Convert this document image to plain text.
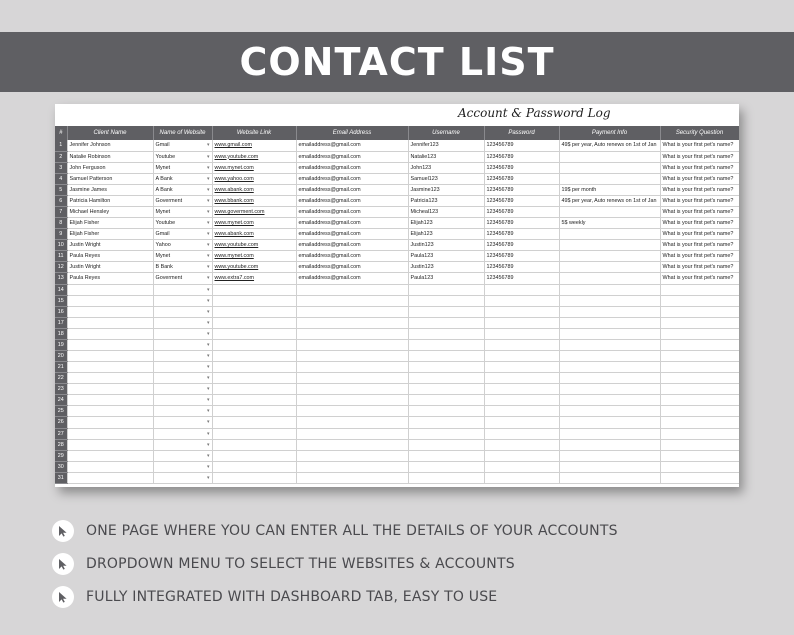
CONTACT LIST
Account & Password Log
#	Client Name	Name of Website	Website Link	Email Address	Username	Password	Payment Info	Security Question
1	Jennifer Johnson	Gmail ▾	www.gmail.com	emailaddress@gmail.com	Jennifer123	123456789	49$ per year, Auto renews on 1st of Jan	What is your first pet's name?
2	Natalie Robinson	Youtube ▾	www.youtube.com	emailaddress@gmail.com	Natalie123	123456789		What is your first pet's name?
3	John Ferguson	Mynet ▾	www.mynet.com	emailaddress@gmail.com	John123	123456789		What is your first pet's name?
4	Samuel Patterson	A Bank ▾	www.yahoo.com	emailaddress@gmail.com	Samuel123	123456789		What is your first pet's name?
5	Jasmine James	A Bank ▾	www.abank.com	emailaddress@gmail.com	Jasmine123	123456789	19$ per month	What is your first pet's name?
6	Patricia Hamilton	Goverment ▾	www.bbank.com	emailaddress@gmail.com	Patricia123	123456789	49$ per year, Auto renews on 1st of Jan	What is your first pet's name?
7	Michael Hensley	Mynet ▾	www.goverment.com	emailaddress@gmail.com	Micheal123	123456789		What is your first pet's name?
8	Elijah Fisher	Youtube ▾	www.mynet.com	emailaddress@gmail.com	Elijah123	123456789	5$ weekly	What is your first pet's name?
9	Elijah Fisher	Gmail ▾	www.abank.com	emailaddress@gmail.com	Elijah123	123456789		What is your first pet's name?
10	Justin Wright	Yahoo ▾	www.youtube.com	emailaddress@gmail.com	Justin123	123456789		What is your first pet's name?
11	Paula Reyes	Mynet ▾	www.mynet.com	emailaddress@gmail.com	Paula123	123456789		What is your first pet's name?
12	Justin Wright	B Bank ▾	www.youtube.com	emailaddress@gmail.com	Justin123	123456789		What is your first pet's name?
13	Paula Reyes	Goverment ▾	www.extra7.com	emailaddress@gmail.com	Paula123	123456789		What is your first pet's name?
14		▾						

15		▾						

16		▾						

17		▾						

18		▾						

19		▾						

20		▾						

21		▾						

22		▾						

23		▾						

24		▾						

25		▾						

26		▾						

27		▾						

28		▾						

29		▾						

30		▾						

31		▾						

ONE PAGE WHERE YOU CAN ENTER ALL THE DETAILS OF YOUR ACCOUNTS
DROPDOWN MENU TO SELECT THE WEBSITES & ACCOUNTS
FULLY INTEGRATED WITH DASHBOARD TAB, EASY TO USE
